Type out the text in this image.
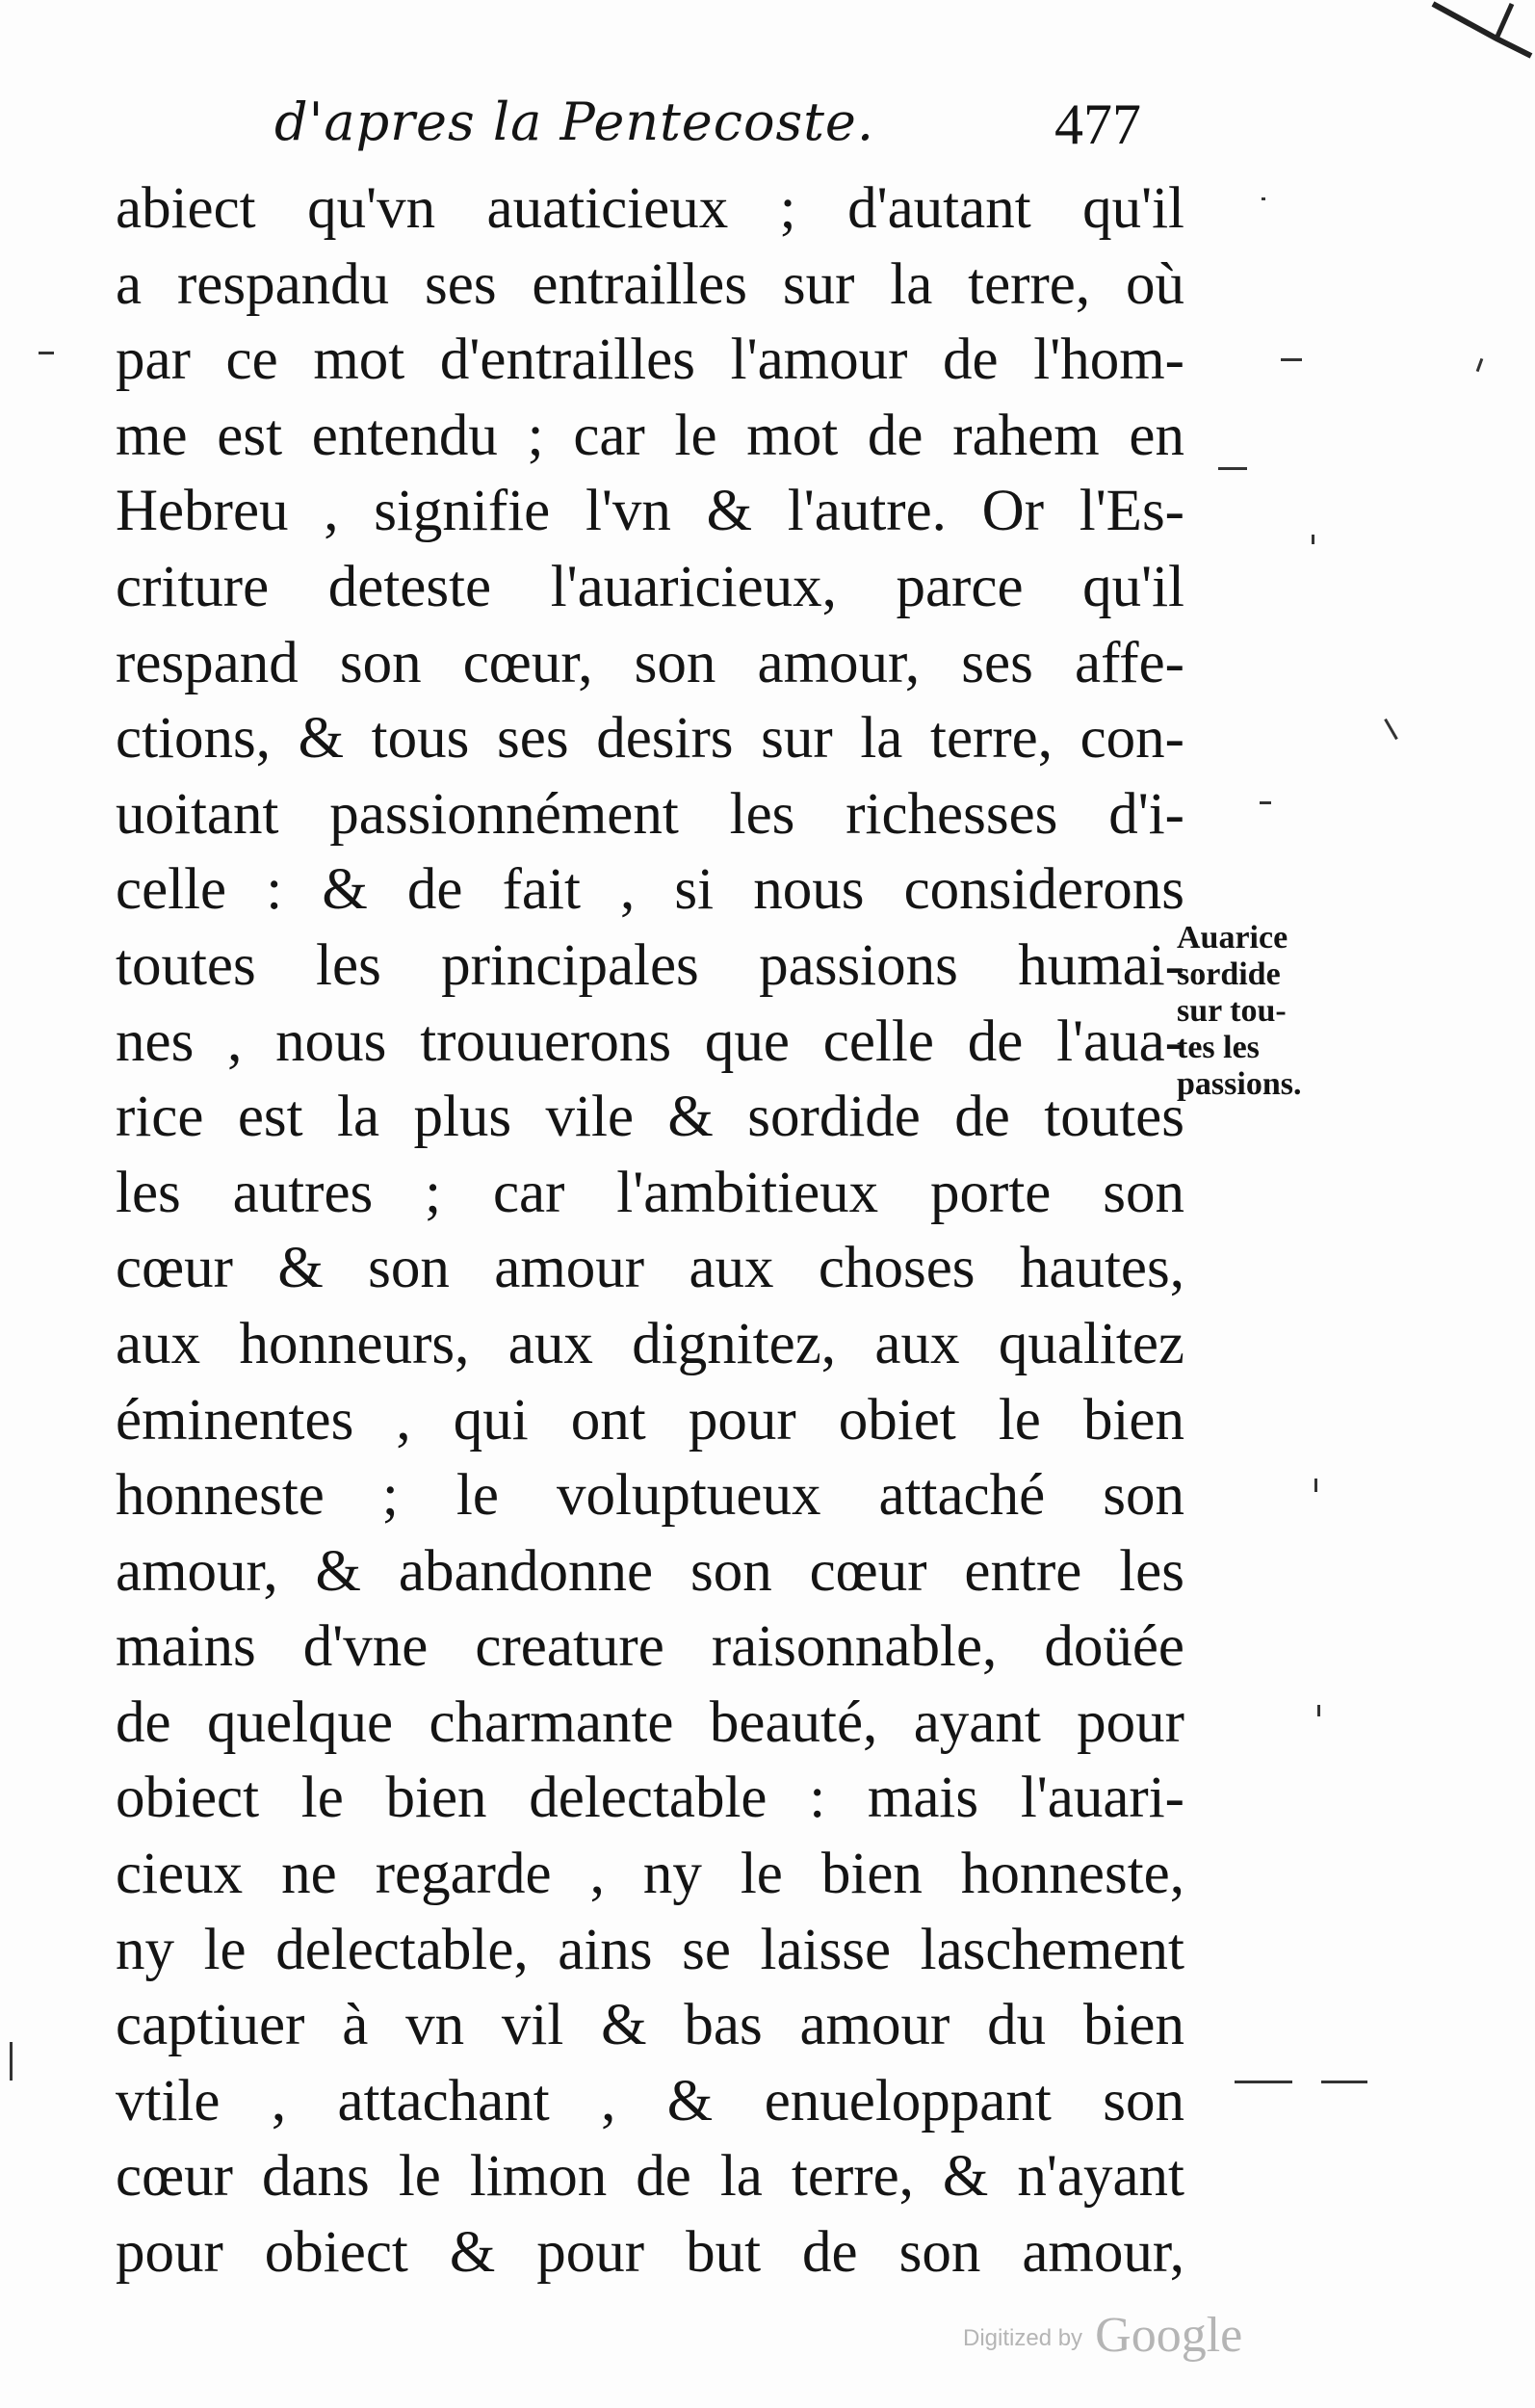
d'apres la Pentecoste.	477
abiect qu'vn auaticieux ; d'autant qu'il
a respandu ses entrailles sur la terre, où
par ce mot d'entrailles l'amour de l'hom-
me est entendu ; car le mot de rahem en
Hebreu , signifie l'vn & l'autre. Or l'Es-
criture deteste l'auaricieux, parce qu'il
respand son cœur, son amour, ses affe-
ctions, & tous ses desirs sur la terre, con-
uoitant passionnément les richesses d'i-
celle : & de fait , si nous considerons
toutes les principales passions humai-
nes , nous trouuerons que celle de l'aua-
rice est la plus vile & sordide de toutes
les autres ; car l'ambitieux porte son
cœur & son amour aux choses hautes,
aux honneurs, aux dignitez, aux qualitez
éminentes , qui ont pour obiet le bien
honneste ; le voluptueux attaché son
amour, & abandonne son cœur entre les
mains d'vne creature raisonnable, doüée
de quelque charmante beauté, ayant pour
obiect le bien delectable : mais l'auari-
cieux ne regarde , ny le bien honneste,
ny le delectable, ains se laisse laschement
captiuer à vn vil & bas amour du bien
vtile , attachant , & enueloppant son
cœur dans le limon de la terre, & n'ayant
pour obiect & pour but de son amour,
Auarice
sordide
sur tou-
tes les
passions.
Digitized by Google
